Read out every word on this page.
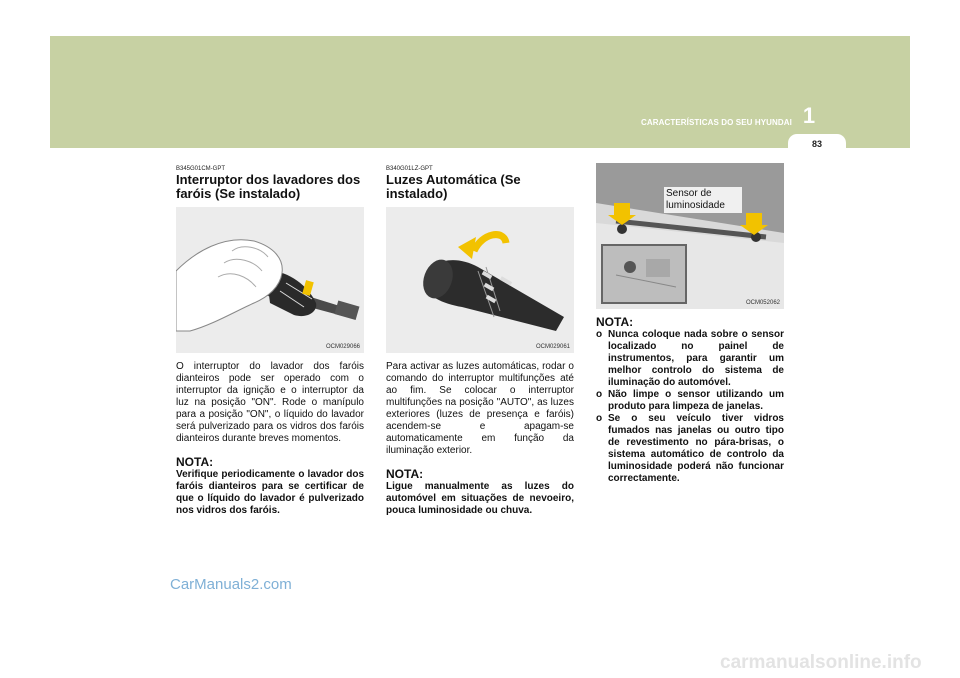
CARACTERÍSTICAS DO SEU HYUNDAI 1
83
B345G01CM-GPT
Interruptor dos lavadores dos faróis (Se instalado)
OCM029066
O interruptor do lavador dos faróis dianteiros pode ser operado com o interruptor da ignição e o interruptor da luz na posição "ON". Rode o manípulo para a posição "ON", o líquido do lavador será pulverizado para os vidros dos faróis dianteiros durante breves momentos.
NOTA:
Verifique periodicamente o lavador dos faróis dianteiros para se certificar de que o líquido do lavador é pulverizado nos vidros dos faróis.
B340G01LZ-GPT
Luzes Automática (Se instalado)
OCM029061
Para activar as luzes automáticas, rodar o comando do interruptor multifunções até ao fim. Se colocar o interruptor multifunções na posição "AUTO", as luzes exteriores (luzes de presença e faróis) acendem-se e apagam-se automaticamente em função da iluminação exterior.
NOTA:
Ligue manualmente as luzes do automóvel em situações de nevoeiro, pouca luminosidade ou chuva.
Sensor de luminosidade
OCM052062
NOTA:
o Nunca coloque nada sobre o sensor localizado no painel de instrumentos, para garantir um melhor controlo do sistema de iluminação do automóvel.
o Não limpe o sensor utilizando um produto para limpeza de janelas.
o Se o seu veículo tiver vidros fumados nas janelas ou outro tipo de revestimento no pára-brisas, o sistema automático de controlo da luminosidade poderá não funcionar correctamente.
CarManuals2.com
carmanualsonline.info
